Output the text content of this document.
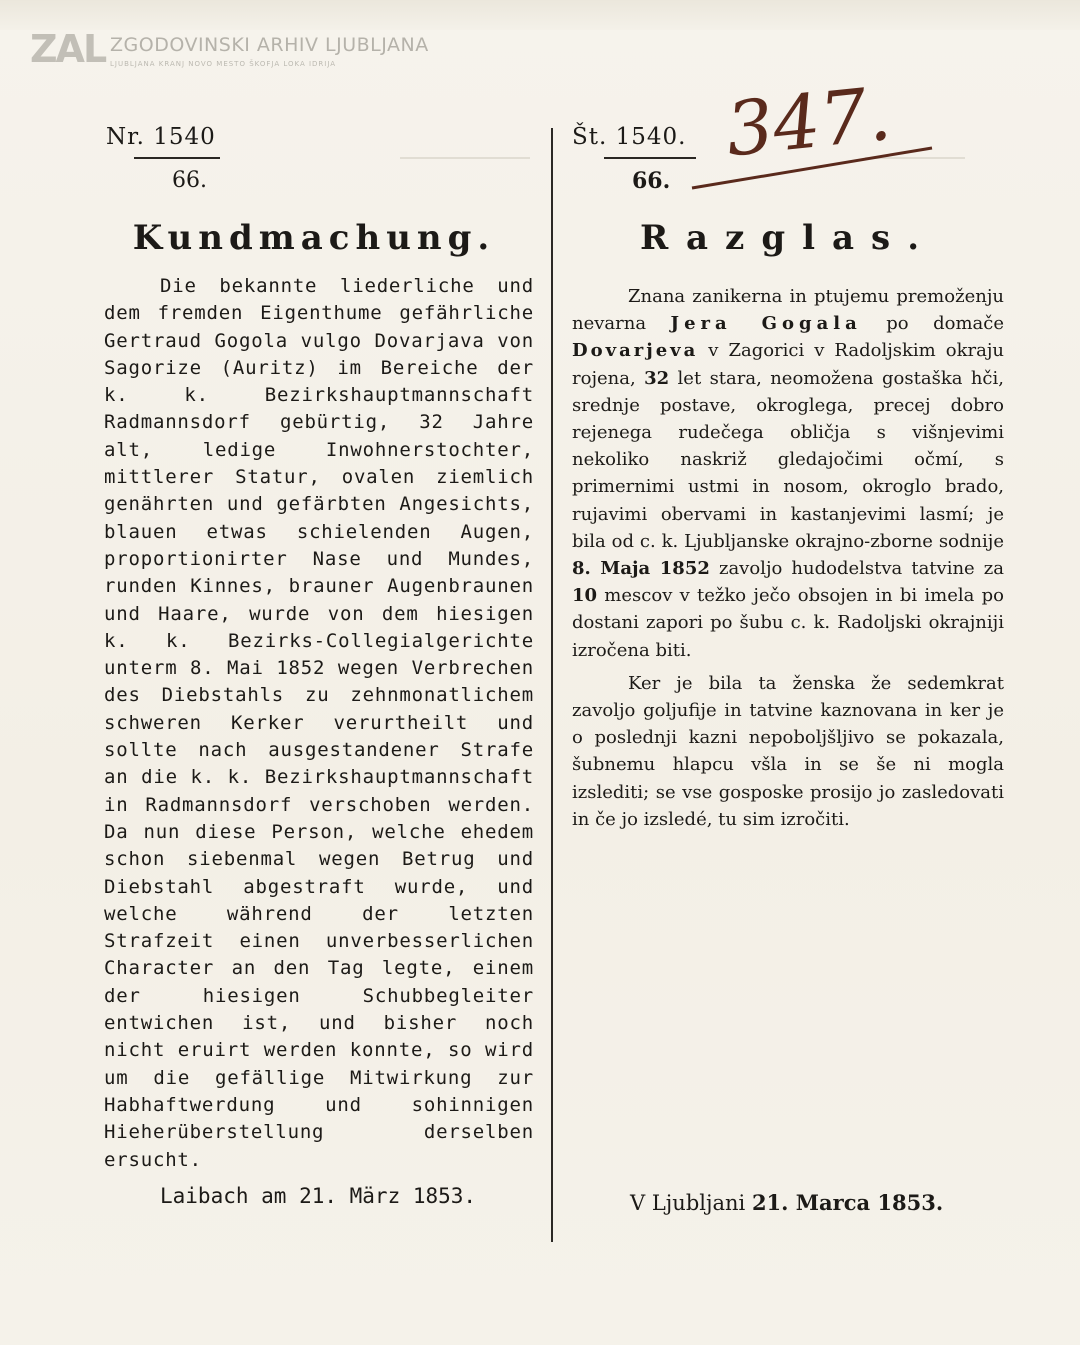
ZAL ZGODOVINSKI ARHIV LJUBLJANA
LJUBLJANA KRANJ NOVO MESTO ŠKOFJA LOKA IDRIJA
Nr. 1540
66.
Kundmachung.

Die bekannte liederliche und dem fremden Eigenthume gefährliche Gertraud Gogola vulgo Dovarjava von Sagorize (Auritz) im Bereiche der k. k. Bezirkshauptmannschaft Radmannsdorf gebürtig, 32 Jahre alt, ledige Inwohnerstochter, mittlerer Statur, ovalen ziemlich genährten und gefärbten Angesichts, blauen etwas schielenden Augen, proportionirter Nase und Mundes, runden Kinnes, brauner Augenbraunen und Haare, wurde von dem hiesigen k. k. Bezirks-Collegialgerichte unterm 8. Mai 1852 wegen Verbrechen des Diebstahls zu zehnmonatlichem schweren Kerker verurtheilt und sollte nach ausgestandener Strafe an die k. k. Bezirkshauptmannschaft in Radmannsdorf verschoben werden. Da nun diese Person, welche ehedem schon siebenmal wegen Betrug und Diebstahl abgestraft wurde, und welche während der letzten Strafzeit einen unverbesserlichen Character an den Tag legte, einem der hiesigen Schubbegleiter entwichen ist, und bisher noch nicht eruirt werden konnte, so wird um die gefällige Mitwirkung zur Habhaftwerdung und sohinnigen Hieherüberstellung derselben ersucht.

Laibach am 21. März 1853.
Št. 1540.
66.
Razglas.

Znana zanikerna in ptujemu premoženju nevarna Jera Gogala po domače Dovarjeva v Zagorici v Radoljskim okraju rojena, 32 let stara, neomožena gostaška hči, srednje postave, okroglega, precej dobro rejenega rudečega obličja s višnjevimi nekoliko naskriž gledajočimi očmí, s primernimi ustmi in nosom, okroglo brado, rujavimi obervami in kastanjevimi lasmí; je bila od c. k. Ljubljanske okrajno-zborne sodnije 8. Maja 1852 zavoljo hudodelstva tatvine za 10 mescov v težko ječo obsojen in bi imela po dostani zapori po šubu c. k. Radoljski okrajniji izročena biti.

Ker je bila ta ženska že sedemkrat zavoljo goljufije in tatvine kaznovana in ker je o poslednji kazni nepoboljšljivo se pokazala, šubnemu hlapcu všla in se še ni mogla izslediti; se vse gosposke prosijo jo zasledovati in če jo izsledé, tu sim izročiti.

V Ljubljani 21. Marca 1853.
347.
